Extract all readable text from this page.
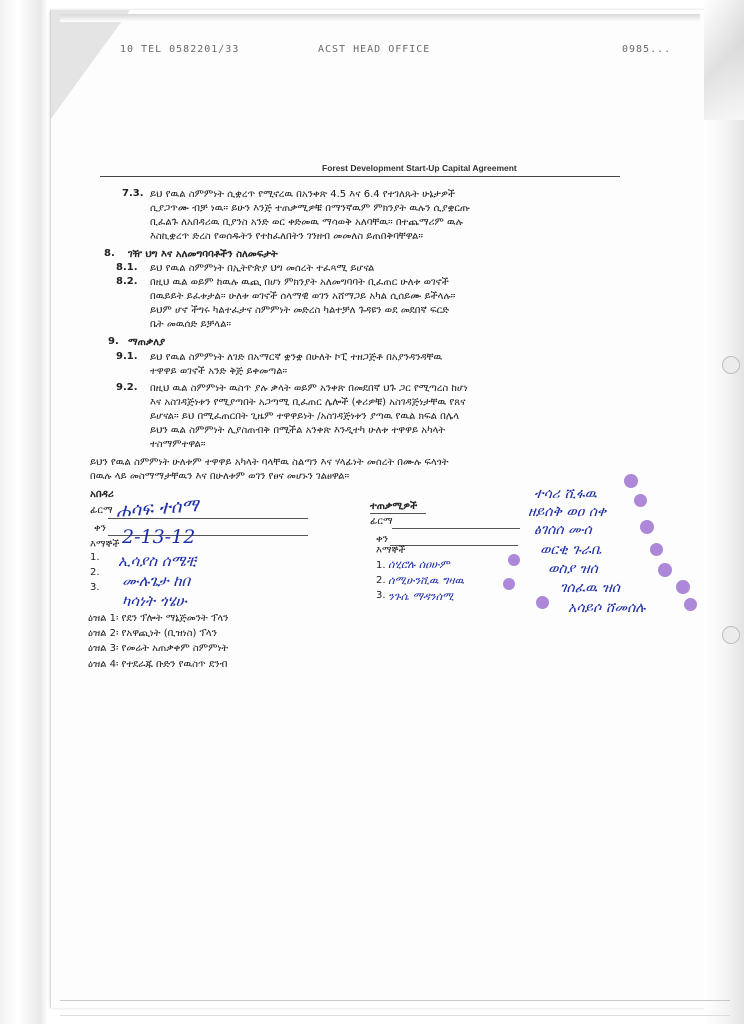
10 TEL 0582201/33	ACST HEAD OFFICE	0985...
Forest Development Start-Up Capital Agreement
7.3. ይህ የዉል ስምምነት ሲቋረጥ የሚኖረዉ በአንቀጽ 4.5 እና 6.4 የተገለጹት ሁኔታዎች
ሲያጋጥሙ ብቻ ነዉ። ይሁን እንጅ ተጠቃሚዎቹ በማንኛዉም ምክንያት ዉሉን ሲያቋርጡ
ቢፈልጉ ለአበዳሪዉ ቢያንስ አንድ ወር ቀድመዉ ማሳወቅ አለባቸዉ። በተጨማሪም ዉሉ
እስኪቋረጥ ድረስ የወሰዱትን የተከፈለበትን ገንዘብ መመለስ ይጠበቅባቸዋል።
8. ገዥ ህግ እና አለመግባባቶችን ስለመፍታት
8.1. ይህ የዉል ስምምነት በኢትዮጵያ ህግ መሰረት ተፈጻሚ ይሆናል
8.2. በዚህ ዉል ወይም ከዉሉ ዉጪ በሆነ ምክንያት አለመግባባት ቢፈጠር ሁለቱ ወገኖች
በዉይይት ይፈቱታል። ሁለቱ ወገኖች ሰላማዊ ወገን አሸማጋይ አካል ሲሰይሙ ይችላሉ።
ይህም ሆኖ ችግሩ ካልተፈታና ስምምነት መድረስ ካልተቻለ ጉዳዩን ወደ መደበኛ ፍርድ
ቤት መዉሰድ ይቻላል።
9. ማጠቃለያ
9.1. ይህ የዉል ስምምነት ለገድ በአማርኛ ቋንቋ በሁለት ኮፒ ተዘጋጅቶ በአያንዳንዳቸዉ
ተዋዋይ ወገኖች አንድ ቅጅ ይቀመጣል።
9.2. በዚህ ዉል ስምምነት ዉስጥ ያሉ ቃላት ወይም አንቀጽ በመደበኛ ህጉ ጋር የሚጣረስ ከሆነ
እና አስገዳጅነቱን የሚያጣበት አጋጣሚ ቢፈጠር ሌሎች (ቀሪዎቹ) አስገዳጅነታቸዉ የጸና
ይሆናል። ይህ በሚፈጠርበት ጊዜም ተዋዋይነት /አስገዳጅነቱን ያጣዉ የዉል ክፍል በሌላ
ይህን ዉል ስምምነት ሊያስጠብቅ በሚችል አንቀጽ እንዲተካ ሁለቱ ተዋዋይ አካላት
ተስማምተዋል።
ይህን የዉል ስምምነት ሁለቱም ተዋዋይ አካላት ባላቸዉ ስልጣን እና ሃላፊነት መሰረት በሙሉ ፍላጎት
በዉሉ ላይ መስማማታቸዉን እና በሁለቱም ወገን የፀና መሆኑን ገልፀዋል።
አበዳሪ
ፊርማ
ቀን
እማኞች
1.
2.
3.
ዕዝል 1፡ የደን ፕሎት ማኔጅመንት ፕላን
ዕዝል 2፡ የአዋጪነት (ቢዝነስ) ፕላን
ዕዝል 3፡ የመሬት አጠቃቀም ስምምነት
ዕዝል 4፡ የተደራጁ ቡድን የዉስጥ ደንብ
ተጠቃሚዎች
ፊርማ
ቀን
እማኞች
1.
2.
3.
ሐሳፍ ተሰማ
2-13-12
ኢሳያስ ሰሜቺ
ሙሉጌታ ከበ
ካሳነት ጎሄሁ
ሰሂሮሉ ሰዐሁም
ሰሚሁንሺዉ ግዛዉ
ንጉሴ ማዳንሰሚ
ተሳሪ ሺፋዉ
ዘይሰቅ ወዐ ሰቀ
ፅገሰሰ ሙሰ
ወርቂ ጉራቤ
ወስያ ዝሰ
ገሰፈዉ ዝሰ
አሳይሶ ሸመሰሉ
